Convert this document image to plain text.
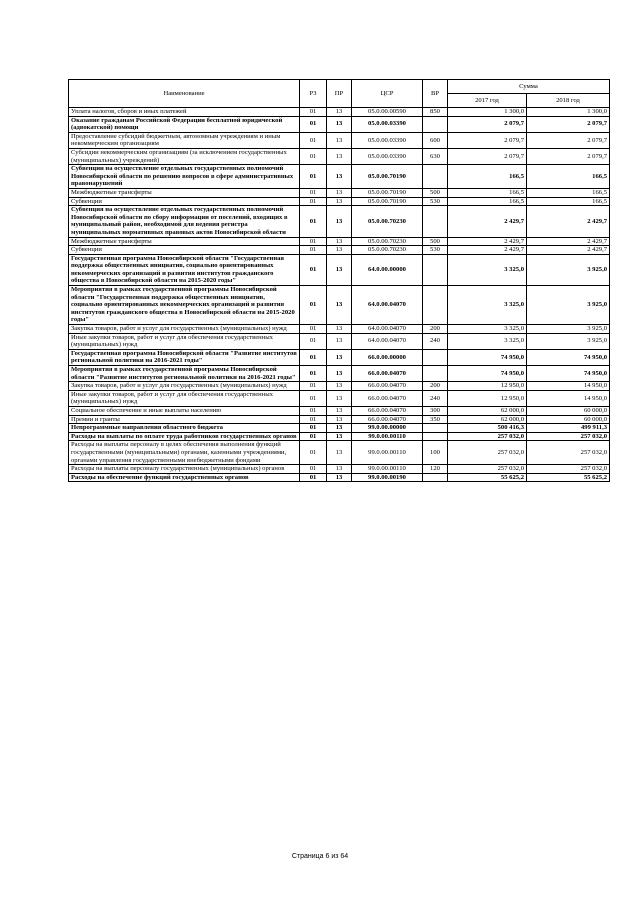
Наименование	РЗ	ПР	ЦСР	ВР	Сумма	
					2017 год	2018 год
Уплата налогов, сборов и иных платежей	01	13	05.0.00.00590	850	1 300,0	1 300,0
Оказание гражданам Российской Федерации бесплатной юридической (адвокатской) помощи	01	13	05.0.00.03390		2 079,7	2 079,7
Предоставление субсидий бюджетным, автономным учреждениям и иным некоммерческим организациям	01	13	05.0.00.03390	600	2 079,7	2 079,7
Субсидии некоммерческим организациям (за исключением государственных (муниципальных) учреждений)	01	13	05.0.00.03390	630	2 079,7	2 079,7
Субвенции на осуществление отдельных государственных полномочий Новосибирской области по решению вопросов в сфере административных правонарушений	01	13	05.0.00.70190		166,5	166,5
Межбюджетные трансферты	01	13	05.0.00.70190	500	166,5	166,5
Субвенции	01	13	05.0.00.70190	530	166,5	166,5
Субвенция на осуществление отдельных государственных полномочий Новосибирской области по сбору информации от поселений, входящих в муниципальный район, необходимой для ведения регистра муниципальных нормативных правовых актов Новосибирской области	01	13	05.0.00.70230		2 429,7	2 429,7
Межбюджетные трансферты	01	13	05.0.00.70230	500	2 429,7	2 429,7
Субвенции	01	13	05.0.00.70230	530	2 429,7	2 429,7
Государственная программа Новосибирской области "Государственная поддержка общественных инициатив, социально ориентированных некоммерческих организаций и развития институтов гражданского общества в Новосибирской области на 2015-2020 годы"	01	13	64.0.00.00000		3 325,0	3 925,0
Мероприятия в рамках государственной программы Новосибирской области "Государственная поддержка общественных инициатив, социально ориентированных некоммерческих организаций и развития институтов гражданского общества в Новосибирской области на 2015-2020 годы"	01	13	64.0.00.04070		3 325,0	3 925,0
Закупка товаров, работ и услуг для государственных (муниципальных) нужд	01	13	64.0.00.04070	200	3 325,0	3 925,0
Иные закупки товаров, работ и услуг для обеспечения государственных (муниципальных) нужд	01	13	64.0.00.04070	240	3 325,0	3 925,0
Государственная программа Новосибирской области "Развитие институтов региональной политики на 2016-2021 годы"	01	13	66.0.00.00000		74 950,0	74 950,0
Мероприятия в рамках государственной программы Новосибирской области "Развитие институтов региональной политики на 2016-2021 годы"	01	13	66.0.00.04070		74 950,0	74 950,0
Закупка товаров, работ и услуг для государственных (муниципальных) нужд	01	13	66.0.00.04070	200	12 950,0	14 950,0
Иные закупки товаров, работ и услуг для обеспечения государственных (муниципальных) нужд	01	13	66.0.00.04070	240	12 950,0	14 950,0
Социальное обеспечение и иные выплаты населению	01	13	66.0.00.04070	300	62 000,0	60 000,0
Премии и гранты	01	13	66.0.00.04070	350	62 000,0	60 000,0
Непрограммные направления областного бюджета	01	13	99.0.00.00000		500 416,3	499 911,3
Расходы на выплаты по оплате труда работников государственных органов	01	13	99.0.00.00110		257 032,0	257 032,0
Расходы на выплаты персоналу в целях обеспечения выполнения функций государственными (муниципальными) органами, казенными учреждениями, органами управления государственными внебюджетными фондами	01	13	99.0.00.00110	100	257 032,0	257 032,0
Расходы на выплаты персоналу государственных (муниципальных) органов	01	13	99.0.00.00110	120	257 032,0	257 032,0
Расходы на обеспечение функций государственных органов	01	13	99.0.00.00190		55 625,2	55 625,2
Страница 6 из 64
